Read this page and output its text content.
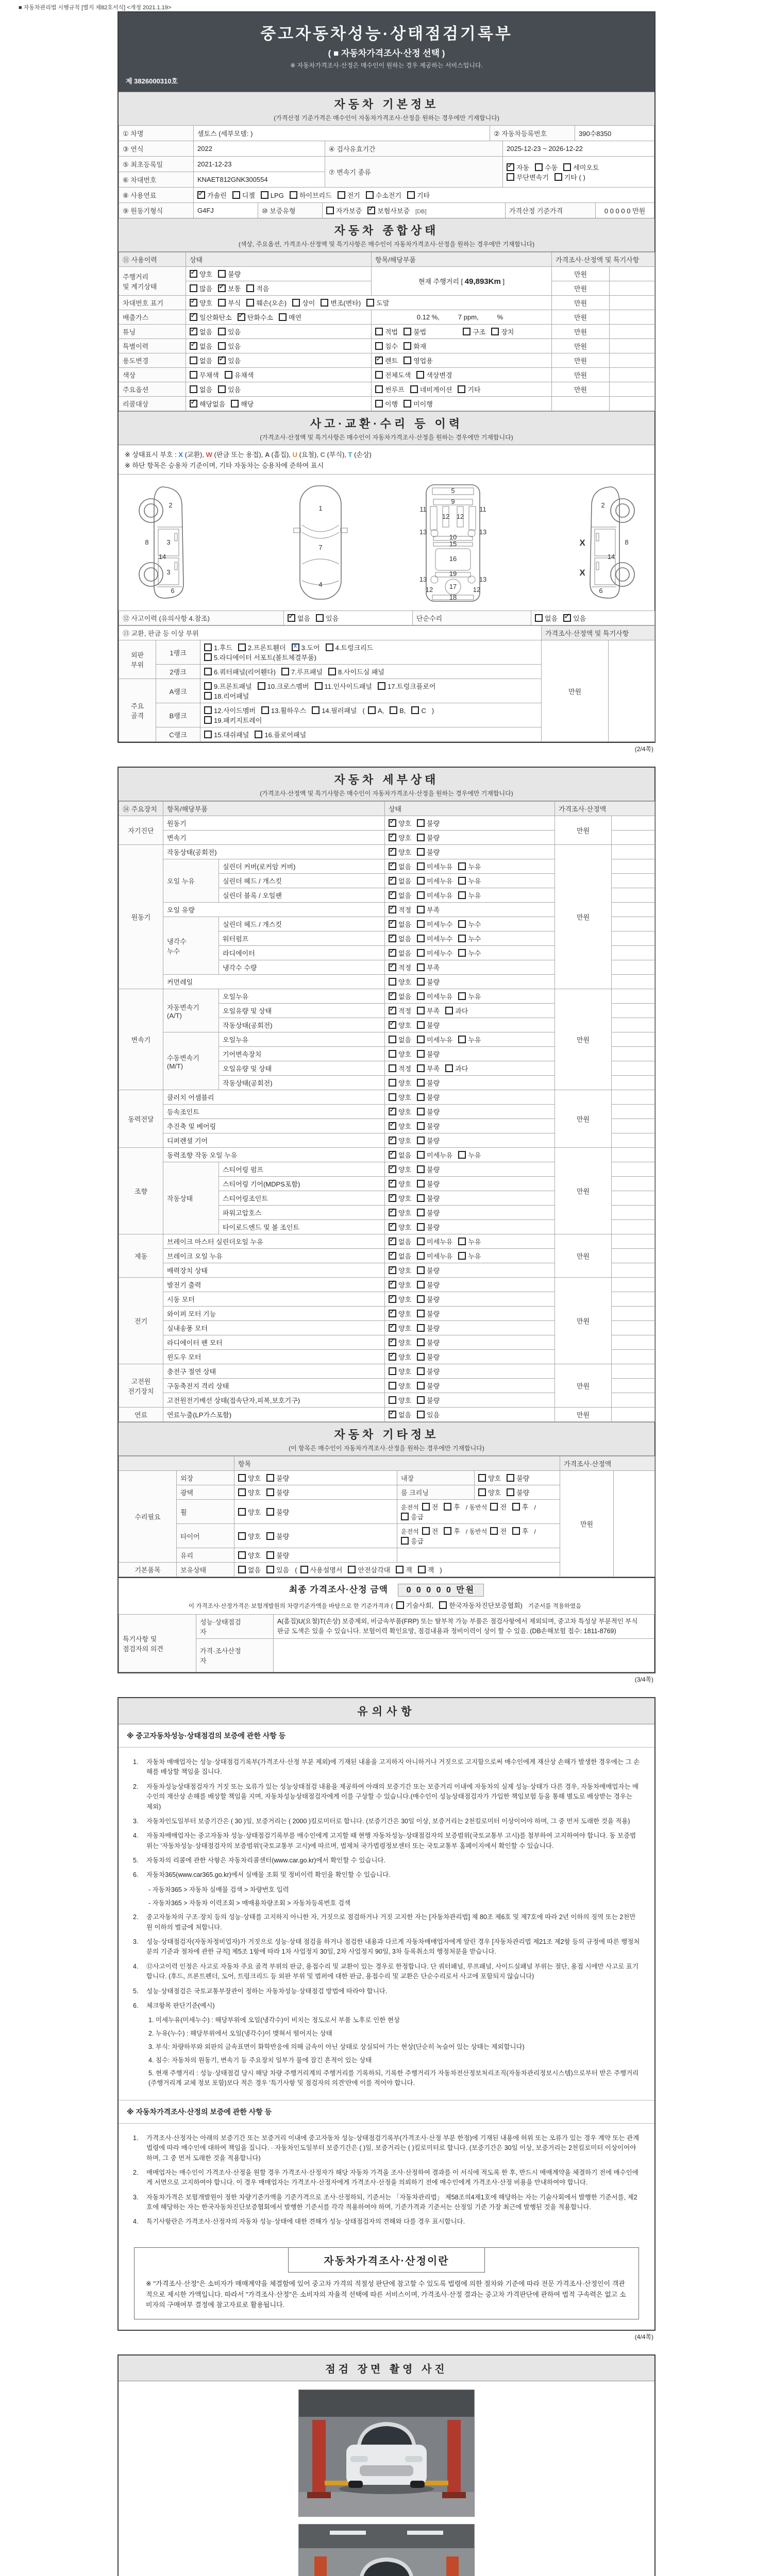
■ 자동차관리법 시행규칙 [별지 제82호서식] <개정 2021.1.19>
중고자동차성능·상태점검기록부
( ■ 자동차가격조사·산정 선택 )
※ 자동차가격조사·산정은 매수인이 원하는 경우 제공하는 서비스입니다.
제 3826000310호
자동차 기본정보
(가격산정 기준가격은 매수인이 자동차가격조사·산정을 원하는 경우에만 기재합니다)
① 차명	셀토스 (세부모델: )	② 자동차등록번호	390수8350
③ 연식	2022	④ 검사유효기간	2025-12-23 ~ 2026-12-22
⑤ 최초등록일	2021-12-23	⑦ 변속기 종류	
✓자동 수동 세미오토
무단변속기 기타 ( )

⑥ 차대번호	KNAET812GNK300554		
⑧ 사용연료	✓가솔린 디젤 LPG 하이브리드 전기 수소전기 기타
⑨ 원동기형식	G4FJ	⑩ 보증유형	자가보증 ✓ 보험사보증 [DB]	가격산정 기준가격	0 0 0 0 0 만원
자동차 종합상태
(색상, 주요옵션, 가격조사·산정액 및 특기사항은 매수인이 자동차가격조사·산정을 원하는 경우에만 기재합니다)
⑪ 사용이력	상태	항목/해당부품	가격조사·산정액 및 특기사항	
주행거리
및 계기상태	✓양호 불량	현재 주행거리 [ 49,893Km ]	만원	
	많음 ✓ 보통 적음		만원	
차대번호 표기	✓양호 부식 훼손(오손) 상이 변조(변타) 도말		만원	
배출가스	✓일산화탄소 ✓ 탄화수소 매연	0.12 %, 7 ppm, %	만원	
튜닝	✓없음 있음	적법 불법 구조 장치	만원	
특별이력	✓없음 있음	침수 화재	만원	
용도변경	없음 ✓ 있음	✓렌트 영업용	만원	
색상	무채색 유채색	전체도색 색상변경	만원	
주요옵션	없음 있음	썬루프 네비게이션 기타	만원	
리콜대상	✓해당없음 해당	이행 미이행		
사고·교환·수리 등 이력
(가격조사·산정액 및 특기사항은 매수인이 자동차가격조사·산정을 원하는 경우에만 기재합니다)
※ 상태표시 부호 : X (교환), W (판금 또는 용접), A (흠집), U (요철), C (부식), T (손상)
※ 하단 항목은 승용차 기준이며, 기타 자동차는 승용차에 준하여 표시
2
8	3
14
3
6
1
7
4
5
9
11	11
12 12
13	13
10
15
16
19
13	13
12	12
17
18
2
8
14
6
X
X
⑫ 사고이력 (유의사항 4.참조)	✓없음 있음	단순수리	없음 ✓ 있음
⑬ 교환, 판금 등 이상 부위			가격조사·산정액 및 특기사항	
외판
부위	1랭크	1.후드 2.프론트휀더 x 3.도어 4.트렁크리드
5.라디에이터 서포트(볼트체결부품)	만원	
	2랭크	6.쿼터패널(리어휀다) 7.루프패널 8.사이드실 패널		
주요
골격	A랭크	9.프론트패널 10.크로스멤버 11.인사이드패널 17.트렁크플로어
18.리어패널		
	B랭크	12.사이드멤버 13.휠하우스 14.필러패널 ( A, B, C )
19.패키지트레이		
	C랭크	15.대쉬패널 16.플로어패널		
(2/4쪽)
자동차 세부상태
(가격조사·산정액 및 특기사항은 매수인이 자동차가격조사·산정을 원하는 경우에만 기재합니다)
⑭ 주요장치	항목/해당부품		상태	가격조사·산정액	
자기진단	원동기	✓양호 불량	만원	
	변속기	✓양호 불량	
원동기	작동상태(공회전)	✓양호 불량	만원	
	오일 누유	실린더 커버(로커암 커버)	✓없음 미세누유 누유	
		실린더 헤드 / 개스킷	✓없음 미세누유 누유	
		실린더 블록 / 오일팬	✓없음 미세누유 누유	
	오일 유량	✓적정 부족	
	냉각수
누수	실린더 헤드 / 개스킷	✓없음 미세누수 누수	
		워터펌프	✓없음 미세누수 누수	
		라디에이터	✓없음 미세누수 누수	
		냉각수 수량	✓적정 부족	
	커먼레일		양호 불량		
변속기	자동변속기
(A/T)	오일누유	✓없음 미세누유 누유	만원	
		오일유량 및 상태	✓적정 부족 과다	
		작동상태(공회전)	✓양호 불량	
	수동변속기
(M/T)	오일누유	없음 미세누유 누유		
		기어변속장치	양호 불량		
		오일유량 및 상태	적정 부족 과다		
		작동상태(공회전)	양호 불량		
동력전달	클러치 어셈블리		양호 불량	만원	
	등속조인트	✓양호 불량	
	추진축 및 베어링	✓양호 불량	
	디퍼렌셜 기어	✓양호 불량	
조향	동력조향 작동 오일 누유	✓없음 미세누유 누유	만원	
	작동상태	스티어링 펌프	✓양호 불량	
		스티어링 기어(MDPS포함)	✓양호 불량	
		스티어링조인트	✓양호 불량	
		파워고압호스	✓양호 불량	
		타이로드엔드 및 볼 조인트	✓양호 불량	
제동	브레이크 마스터 실린더오일 누유	✓없음 미세누유 누유	만원	
	브레이크 오일 누유	✓없음 미세누유 누유	
	배력장치 상태	✓양호 불량	
전기	발전기 출력	✓양호 불량	만원	
	시동 모터	✓양호 불량	
	와이퍼 모터 기능	✓양호 불량	
	실내송풍 모터	✓양호 불량	
	라디에이터 팬 모터	✓양호 불량	
	윈도우 모터	✓양호 불량	
고전원
전기장치	충전구 절연 상태		양호 불량	만원	
	구동축전지 격리 상태		양호 불량		
	고전원전기배선 상태(접속단자,피복,보호기구)		양호 불량		
연료	연료누출(LP가스포함)	✓없음 있음	만원	
자동차 기타정보
(이 항목은 매수인이 자동차가격조사·산정을 원하는 경우에만 기재합니다)
		항목			가격조사·산정액	
수리필요	외장	양호 불량	내장	양호 불량	만원	
	광택	양호 불량	룸 크리닝	양호 불량		
	휠	양호 불량	운전석 전 후 / 동반석 전 후 /응급			
	타이어	양호 불량	운전석 전 후 / 동반석 전 후 /응급			
	유리	양호 불량				
기본품목	보유상태	없음 있음 ( 사용설명서 안전삼각대 잭 잭 )				
최종 가격조사·산정 금액 0 0 0 0 0 만원
이 가격조사·산정가격은 보험개발원의 차량기준가액을 바탕으로 한 기준가격과 ( 기술사회, 한국자동차진단보증협회) 기준서를 적용하였음
특기사항 및
점검자의 의견	성능·상태점검
자	A(흠집)U(요철)T(손상) 보증제외, 비금속부품(FRP) 또는 탈부착 가능 부품은 점검사항에서 제외되며, 중고차 특성상 부분적인 부식 판금 도색은 있을 수 있습니다. 보험이력 확인요망, 점검내용과 정비이력이 상이 할 수 있음. (DB손해보험 접수: 1811-8769)
	가격·조사산정
자	
(3/4쪽)
유의사항
※ 중고자동차성능·상태점검의 보증에 관한 사항 등
1.	자동차 매매업자는 성능·상태점검기록부(가격조사·산정 부분 제외)에 기재된 내용을 고지하지 아니하거나 거짓으로 고지함으로써 매수인에게 재산상 손해가 발생한 경우에는 그 손해를 배상할 책임을 집니다.
2.	자동차성능상태점검자가 거짓 또는 오류가 있는 성능상태점검 내용을 제공하여 아래의 보증기간 또는 보증거리 이내에 자동차의 실제 성능·상태가 다른 경우, 자동차매매업자는 매수인의 재산상 손해를 배상할 책임을 지며, 자동차성능상태점검자에게 이를 구상할 수 있습니다.(매수인이 성능상태점검자가 가입한 책임보험 등을 통해 별도로 배상받는 경우는 제외)
3.	자동차인도일부터 보증기간은 ( 30 )일, 보증거리는 ( 2000 )킬로미터로 합니다. (보증기간은 30일 이상, 보증거리는 2천킬로미터 이상이어야 하며, 그 중 먼저 도래한 것을 적용)
4.	자동차매매업자는 중고자동차 성능·상태점검기록부를 매수인에게 고지할 때 현행 자동차성능·상태점검자의 보증범위(국토교통부 고시)를 첨부하여 고지하여야 합니다. 동 보증범위는 '자동차성능·상태점검자의 보증범위'(국토교통부 고시)에 따르며, 법제처 국가법령정보센터 또는 국토교통부 홈페이지에서 확인할 수 있습니다.
5.	자동차의 리콜에 관한 사항은 자동차리콜센터(www.car.go.kr)에서 확인할 수 있습니다.
6.	자동차365(www.car365.go.kr)에서 실매물 조회 및 정비이력 확인을 확인할 수 있습니다.
- 자동차365 > 자동차 실매물 검색 > 차량번호 입력
- 자동차365 > 자동차 이력조회 > 매매용차량조회 > 자동차등록번호 검색
2.	중고자동차의 구조·장치 등의 성능·상태를 고지하지 아니한 자, 거짓으로 점검하거나 거짓 고지한 자는 [자동차관리법] 제 80조 제6호 및 제7호에 따라 2년 이하의 징역 또는 2천만원 이하의 벌금에 처합니다.
3.	성능·상태점검자(자동차정비업자)가 거짓으로 성능·상태 점검을 하거나 점검한 내용과 다르게 자동차매매업자에게 알린 경우 [자동차관리법 제21조 제2항 등의 규정에 따른 행정처분의 기준과 절차에 관한 규칙] 제5조 1항에 따라 1차 사업정지 30일, 2차 사업정지 90일, 3차 등록취소의 행정처분을 받습니다.
4.	⑫사고이력 인정은 사고로 자동차 주요 골격 부위의 판금, 용접수리 및 교환이 있는 경우로 한정합니다. 단 쿼터패널, 루프패널, 사이드실패널 부위는 절단, 용접 시에만 사고로 표기합니다. (후드, 프론트펜더, 도어, 트렁크리드 등 외판 부위 및 범퍼에 대한 판금, 용접수리 및 교환은 단순수리로서 사고에 포함되지 않습니다)
5.	성능·상태점검은 국토교통부장관이 정하는 자동차성능·상태점검 방법에 따라야 합니다.
6.	체크항목 판단기준(예시)
1. 미세누유(미세누수) : 해당부위에 오일(냉각수)이 비치는 정도로서 부품 노후로 인한 현상
2. 누유(누수) : 해당부위에서 오일(냉각수)이 맺혀서 떨어지는 상태
3. 부식: 차량하부와 외판의 금속표면이 화학반응에 의해 금속이 아닌 상태로 상실되어 가는 현상(단순히 녹슬어 있는 상태는 제외합니다)
4. 침수: 자동차의 원동기, 변속기 등 주요장치 일부가 물에 잠긴 흔적이 있는 상태
5. 현재 주행거리 : 성능·상태점검 당시 해당 차량 주행거리계의 주행거리를 기록하되, 기록한 주행거리가 자동차전산정보처리조직(자동차관리정보시스템)으로부터 받은 주행거리(주행거리계 교체 정보 포함)보다 적은 경우 '특기사항 및 점검자의 의견'란에 이를 적어야 합니다.
※ 자동차가격조사·산정의 보증에 관한 사항 등
1.	가격조사·산정자는 아래의 보증기간 또는 보증거리 이내에 중고자동차 성능·상태점검기록부(가격조사·산정 부분 한정)에 기재된 내용에 허위 또는 오류가 있는 경우 계약 또는 관계법령에 따라 매수인에 대하여 책임을 집니다. · 자동차인도일부터 보증기간은 ( )일, 보증거리는 ( )킬로미터로 합니다. (보증기간은 30일 이상, 보증거리는 2천킬로미터 이상이어야 하며, 그 중 먼저 도래한 것을 적용합니다)
2.	매매업자는 매수인이 가격조사·산정을 원할 경우 가격조사·산정자가 해당 자동차 가격을 조사·산정하여 결과를 이 서식에 적도록 한 후, 반드시 매매계약을 체결하기 전에 매수인에게 서면으로 고지하여야 합니다. 이 경우 매매업자는 가격조사·산정자에게 가격조사·산정을 의뢰하기 전에 매수인에게 가격조사·산정 비용을 안내하여야 합니다.
3.	자동차가격은 보험개발원이 정한 차량기준가액을 기준가격으로 조사·산정하되, 기준서는 「자동차관리법」 제58조의4제1호에 해당하는 자는 기술사회에서 발행한 기준서를, 제2호에 해당하는 자는 한국자동차진단보증협회에서 발행한 기준서를 각각 적용하여야 하며, 기준가격과 기준서는 산정일 기준 가장 최근에 발행된 것을 적용합니다.
4.	특기사항란은 가격조사·산정자의 자동차 성능·상태에 대한 견해가 성능·상태점검자의 견해와 다를 경우 표시합니다.
자동차가격조사·산정이란
※ "가격조사·산정"은 소비자가 매매계약을 체결함에 있어 중고차 가격의 적절성 판단에 참고할 수 있도록 법령에 의한 절차와 기준에 따라 전문 가격조사·산정인이 객관적으로 제시한 가액입니다. 따라서 "가격조사·산정"은 소비자의 자율적 선택에 따른 서비스이며, 가격조사·산정 결과는 중고차 가격판단에 관하여 법적 구속력은 없고 소비자의 구매여부 결정에 참고자료로 활용됩니다.
(4/4쪽)
점검 장면 촬영 사진
